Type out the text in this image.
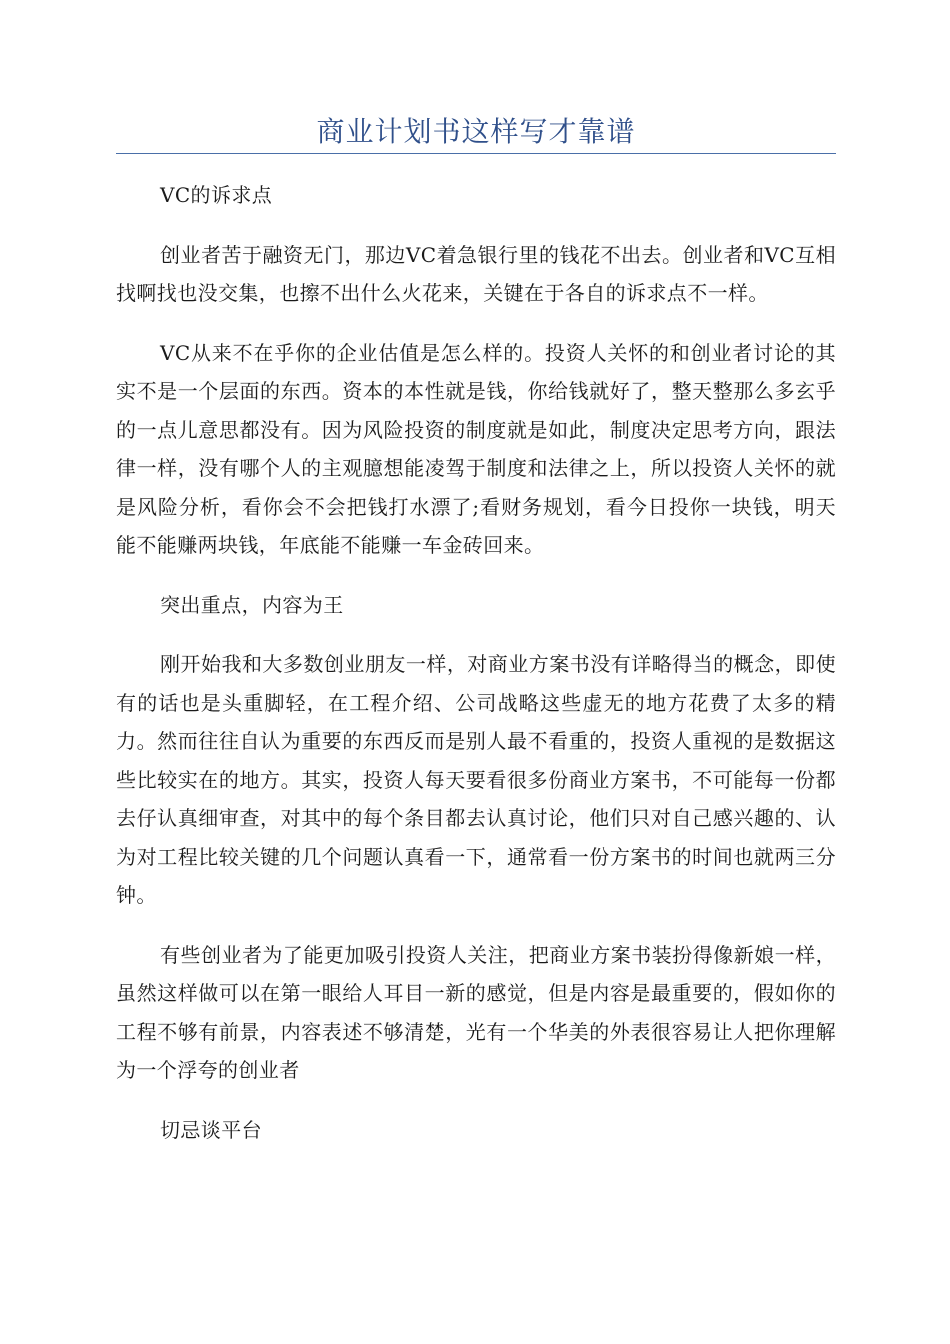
商业计划书这样写才靠谱

VC的诉求点

创业者苦于融资无门，那边VC着急银行里的钱花不出去。创业者和VC互相找啊找也没交集，也擦不出什么火花来，关键在于各自的诉求点不一样。

VC从来不在乎你的企业估值是怎么样的。投资人关怀的和创业者讨论的其实不是一个层面的东西。资本的本性就是钱，你给钱就好了，整天整那么多玄乎的一点儿意思都没有。因为风险投资的制度就是如此，制度决定思考方向，跟法律一样，没有哪个人的主观臆想能凌驾于制度和法律之上，所以投资人关怀的就是风险分析，看你会不会把钱打水漂了;看财务规划，看今日投你一块钱，明天能不能赚两块钱，年底能不能赚一车金砖回来。

突出重点，内容为王

刚开始我和大多数创业朋友一样，对商业方案书没有详略得当的概念，即使有的话也是头重脚轻，在工程介绍、公司战略这些虚无的地方花费了太多的精力。然而往往自认为重要的东西反而是别人最不看重的，投资人重视的是数据这些比较实在的地方。其实，投资人每天要看很多份商业方案书，不可能每一份都去仔认真细审查，对其中的每个条目都去认真讨论，他们只对自己感兴趣的、认为对工程比较关键的几个问题认真看一下，通常看一份方案书的时间也就两三分钟。

有些创业者为了能更加吸引投资人关注，把商业方案书装扮得像新娘一样，虽然这样做可以在第一眼给人耳目一新的感觉，但是内容是最重要的，假如你的工程不够有前景，内容表述不够清楚，光有一个华美的外表很容易让人把你理解为一个浮夸的创业者

切忌谈平台
